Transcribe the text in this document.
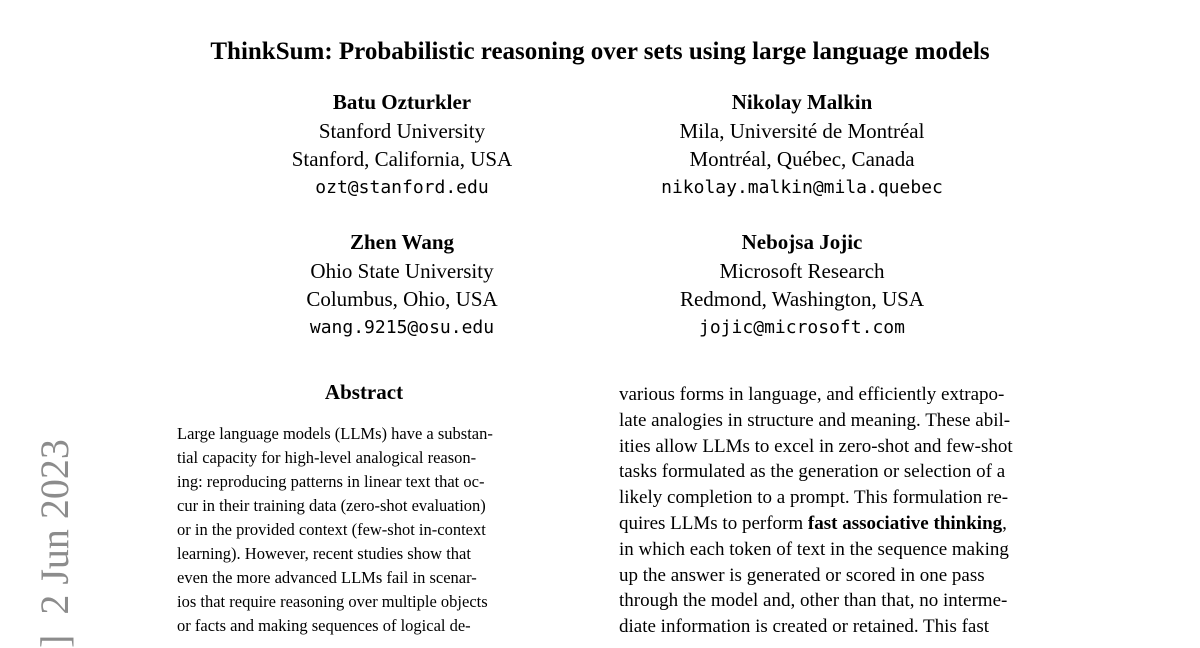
ThinkSum: Probabilistic reasoning over sets using large language models
Batu Ozturkler
Stanford University
Stanford, California, USA
ozt@stanford.edu
Nikolay Malkin
Mila, Université de Montréal
Montréal, Québec, Canada
nikolay.malkin@mila.quebec
Zhen Wang
Ohio State University
Columbus, Ohio, USA
wang.9215@osu.edu
Nebojsa Jojic
Microsoft Research
Redmond, Washington, USA
jojic@microsoft.com
Abstract
Large language models (LLMs) have a substan-
tial capacity for high-level analogical reason-
ing: reproducing patterns in linear text that oc-
cur in their training data (zero-shot evaluation)
or in the provided context (few-shot in-context
learning). However, recent studies show that
even the more advanced LLMs fail in scenar-
ios that require reasoning over multiple objects
or facts and making sequences of logical de-
various forms in language, and efficiently extrapo-
late analogies in structure and meaning. These abil-
ities allow LLMs to excel in zero-shot and few-shot
tasks formulated as the generation or selection of a
likely completion to a prompt. This formulation re-
quires LLMs to perform fast associative thinking,
in which each token of text in the sequence making
up the answer is generated or scored in one pass
through the model and, other than that, no interme-
diate information is created or retained. This fast
]  2 Jun 2023
